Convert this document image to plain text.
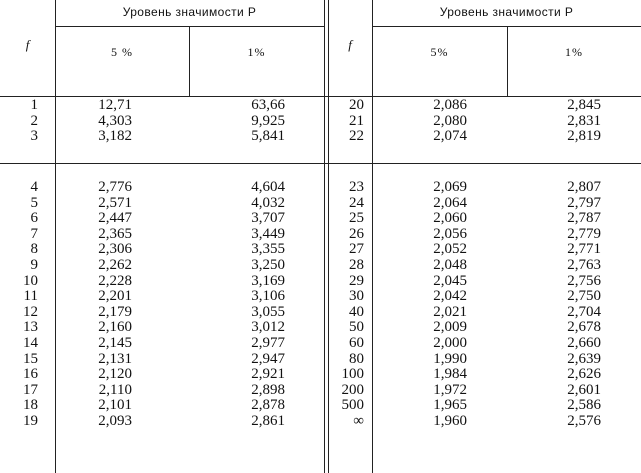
Уровень значимости P	Уровень значимости P
f	f
5 %	1%	5%	1%
1	12,71	63,66
2	4,303	9,925
3	3,182	5,841
20	2,086	2,845
21	2,080	2,831
22	2,074	2,819
4	2,776	4,604
5	2,571	4,032
6	2,447	3,707
7	2,365	3,449
8	2,306	3,355
9	2,262	3,250
10	2,228	3,169
11	2,201	3,106
12	2,179	3,055
13	2,160	3,012
14	2,145	2,977
15	2,131	2,947
16	2,120	2,921
17	2,110	2,898
18	2,101	2,878
19	2,093	2,861
23	2,069	2,807
24	2,064	2,797
25	2,060	2,787
26	2,056	2,779
27	2,052	2,771
28	2,048	2,763
29	2,045	2,756
30	2,042	2,750
40	2,021	2,704
50	2,009	2,678
60	2,000	2,660
80	1,990	2,639
100	1,984	2,626
200	1,972	2,601
500	1,965	2,586
∞	1,960	2,576
